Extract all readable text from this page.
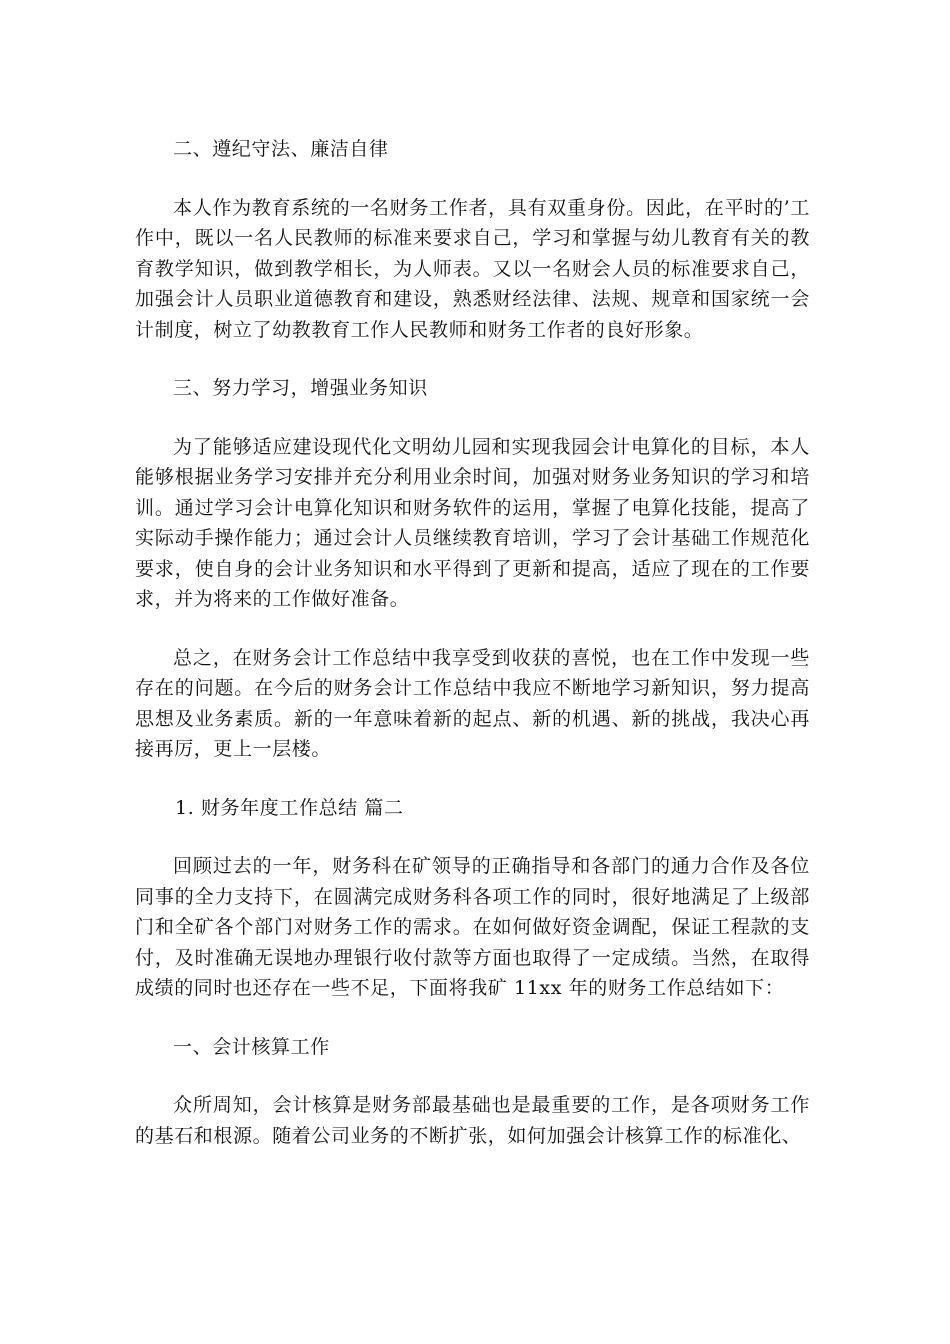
二、遵纪守法、廉洁自律

本人作为教育系统的一名财务工作者，具有双重身份。因此，在平时的’工作中，既以一名人民教师的标准来要求自己，学习和掌握与幼儿教育有关的教育教学知识，做到教学相长，为人师表。又以一名财会人员的标准要求自己，加强会计人员职业道德教育和建设，熟悉财经法律、法规、规章和国家统一会计制度，树立了幼教教育工作人民教师和财务工作者的良好形象。

三、努力学习，增强业务知识

为了能够适应建设现代化文明幼儿园和实现我园会计电算化的目标，本人能够根据业务学习安排并充分利用业余时间，加强对财务业务知识的学习和培训。通过学习会计电算化知识和财务软件的运用，掌握了电算化技能，提高了实际动手操作能力；通过会计人员继续教育培训，学习了会计基础工作规范化要求，使自身的会计业务知识和水平得到了更新和提高，适应了现在的工作要求，并为将来的工作做好准备。

总之，在财务会计工作总结中我享受到收获的喜悦，也在工作中发现一些存在的问题。在今后的财务会计工作总结中我应不断地学习新知识，努力提高思想及业务素质。新的一年意味着新的起点、新的机遇、新的挑战，我决心再接再厉，更上一层楼。

1. 财务年度工作总结 篇二

回顾过去的一年，财务科在矿领导的正确指导和各部门的通力合作及各位同事的全力支持下，在圆满完成财务科各项工作的同时，很好地满足了上级部门和全矿各个部门对财务工作的需求。在如何做好资金调配，保证工程款的支付，及时准确无误地办理银行收付款等方面也取得了一定成绩。当然，在取得成绩的同时也还存在一些不足，下面将我矿 11xx 年的财务工作总结如下：

一、会计核算工作

众所周知，会计核算是财务部最基础也是最重要的工作，是各项财务工作的基石和根源。随着公司业务的不断扩张，如何加强会计核算工作的标准化、
